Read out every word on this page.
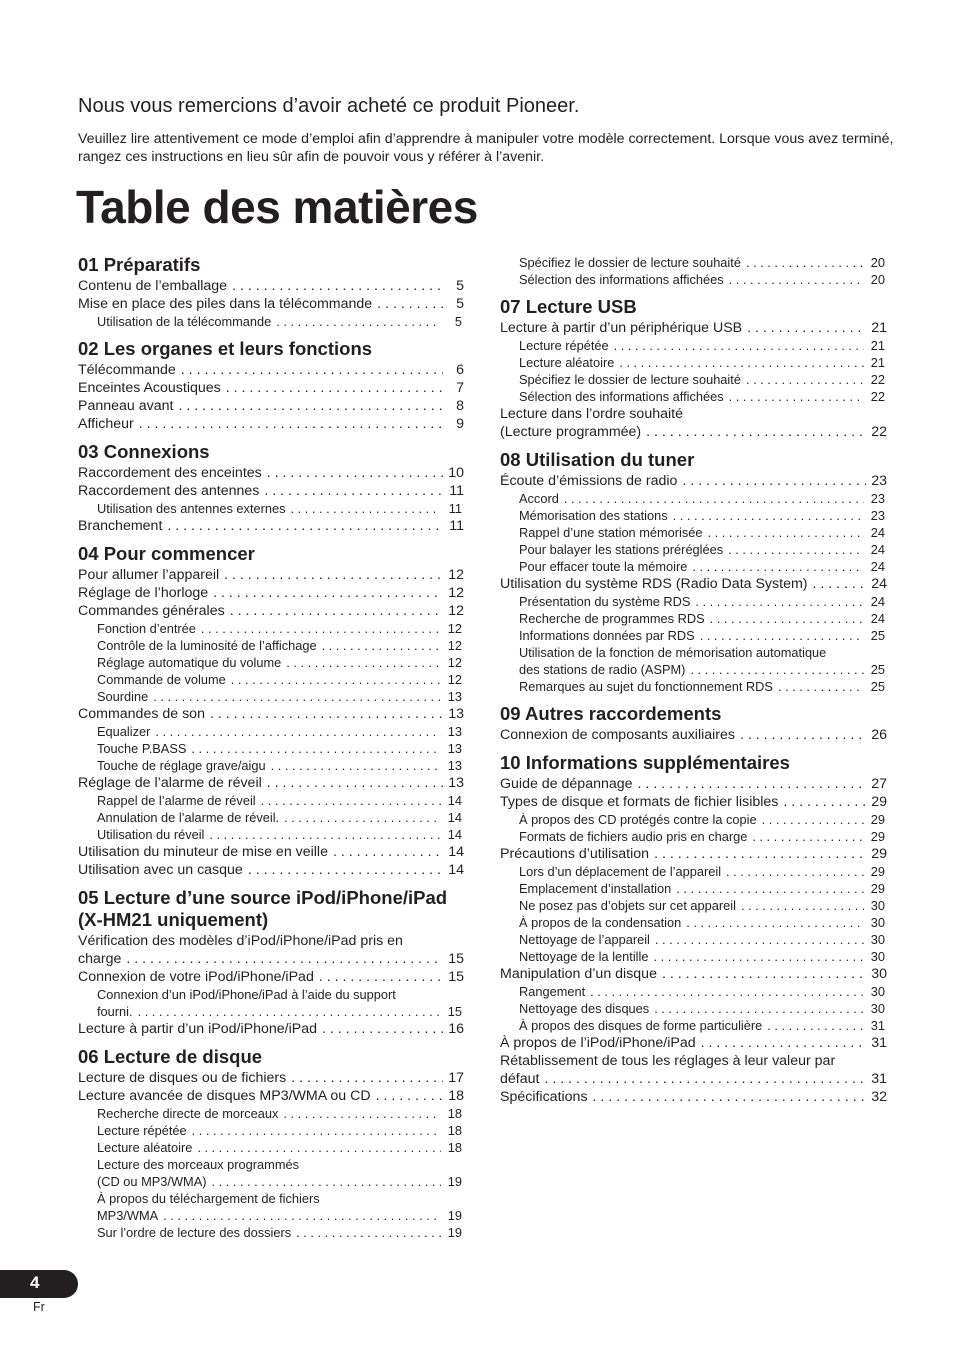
Nous vous remercions d’avoir acheté ce produit Pioneer.
Veuillez lire attentivement ce mode d’emploi afin d’apprendre à manipuler votre modèle correctement. Lorsque vous avez terminé, rangez ces instructions en lieu sûr afin de pouvoir vous y référer à l’avenir.
Table des matières
01 Préparatifs
Contenu de l’emballage . . .	5
Mise en place des piles dans la télécommande . . .	5
Utilisation de la télécommande . . .	5
02 Les organes et leurs fonctions
Télécommande . . .	6
Enceintes Acoustiques . . .	7
Panneau avant . . .	8
Afficheur . . .	9
03 Connexions
Raccordement des enceintes . . .	10
Raccordement des antennes . . .	11
Utilisation des antennes externes . . .	11
Branchement . . .	11
04 Pour commencer
Pour allumer l’appareil . . .	12
Réglage de l’horloge . . .	12
Commandes générales . . .	12
Fonction d’entrée . . .	12
Contrôle de la luminosité de l’affichage . . .	12
Réglage automatique du volume . . .	12
Commande de volume . . .	12
Sourdine . . .	13
Commandes de son . . .	13
Equalizer . . .	13
Touche P.BASS . . .	13
Touche de réglage grave/aigu . . .	13
Réglage de l’alarme de réveil . . .	13
Rappel de l’alarme de réveil . . .	14
Annulation de l’alarme de réveil. . . .	14
Utilisation du réveil . . .	14
Utilisation du minuteur de mise en veille . . .	14
Utilisation avec un casque . . .	14
05 Lecture d’une source iPod/iPhone/iPad
(X-HM21 uniquement)
Vérification des modèles d’iPod/iPhone/iPad pris en
charge . . .	15
Connexion de votre iPod/iPhone/iPad . . .	15
Connexion d’un iPod/iPhone/iPad à l’aide du support
fourni. . . .	15
Lecture à partir d’un iPod/iPhone/iPad . . .	16
06 Lecture de disque
Lecture de disques ou de fichiers . . .	17
Lecture avancée de disques MP3/WMA ou CD . . .	18
Recherche directe de morceaux . . .	18
Lecture répétée . . .	18
Lecture aléatoire . . .	18
Lecture des morceaux programmés
(CD ou MP3/WMA) . . .	19
À propos du téléchargement de fichiers
MP3/WMA . . .	19
Sur l’ordre de lecture des dossiers . . .	19
Spécifiez le dossier de lecture souhaité . . .	20
Sélection des informations affichées . . .	20
07 Lecture USB
Lecture à partir d’un périphérique USB . . .	21
Lecture répétée . . .	21
Lecture aléatoire . . .	21
Spécifiez le dossier de lecture souhaité . . .	22
Sélection des informations affichées . . .	22
Lecture dans l’ordre souhaité
(Lecture programmée) . . .	22
08 Utilisation du tuner
Écoute d’émissions de radio . . .	23
Accord . . .	23
Mémorisation des stations . . .	23
Rappel d’une station mémorisée . . .	24
Pour balayer les stations préréglées . . .	24
Pour effacer toute la mémoire . . .	24
Utilisation du système RDS (Radio Data System) . . .	24
Présentation du système RDS . . .	24
Recherche de programmes RDS . . .	24
Informations données par RDS . . .	25
Utilisation de la fonction de mémorisation automatique
des stations de radio (ASPM) . . .	25
Remarques au sujet du fonctionnement RDS . . .	25
09 Autres raccordements
Connexion de composants auxiliaires . . .	26
10 Informations supplémentaires
Guide de dépannage . . .	27
Types de disque et formats de fichier lisibles . . .	29
À propos des CD protégés contre la copie . . .	29
Formats de fichiers audio pris en charge . . .	29
Précautions d’utilisation . . .	29
Lors d’un déplacement de l’appareil . . .	29
Emplacement d’installation . . .	29
Ne posez pas d’objets sur cet appareil . . .	30
À propos de la condensation . . .	30
Nettoyage de l’appareil . . .	30
Nettoyage de la lentille . . .	30
Manipulation d’un disque . . .	30
Rangement . . .	30
Nettoyage des disques . . .	30
À propos des disques de forme particulière . . .	31
À propos de l’iPod/iPhone/iPad . . .	31
Rétablissement de tous les réglages à leur valeur par
défaut . . .	31
Spécifications . . .	32
4
Fr
